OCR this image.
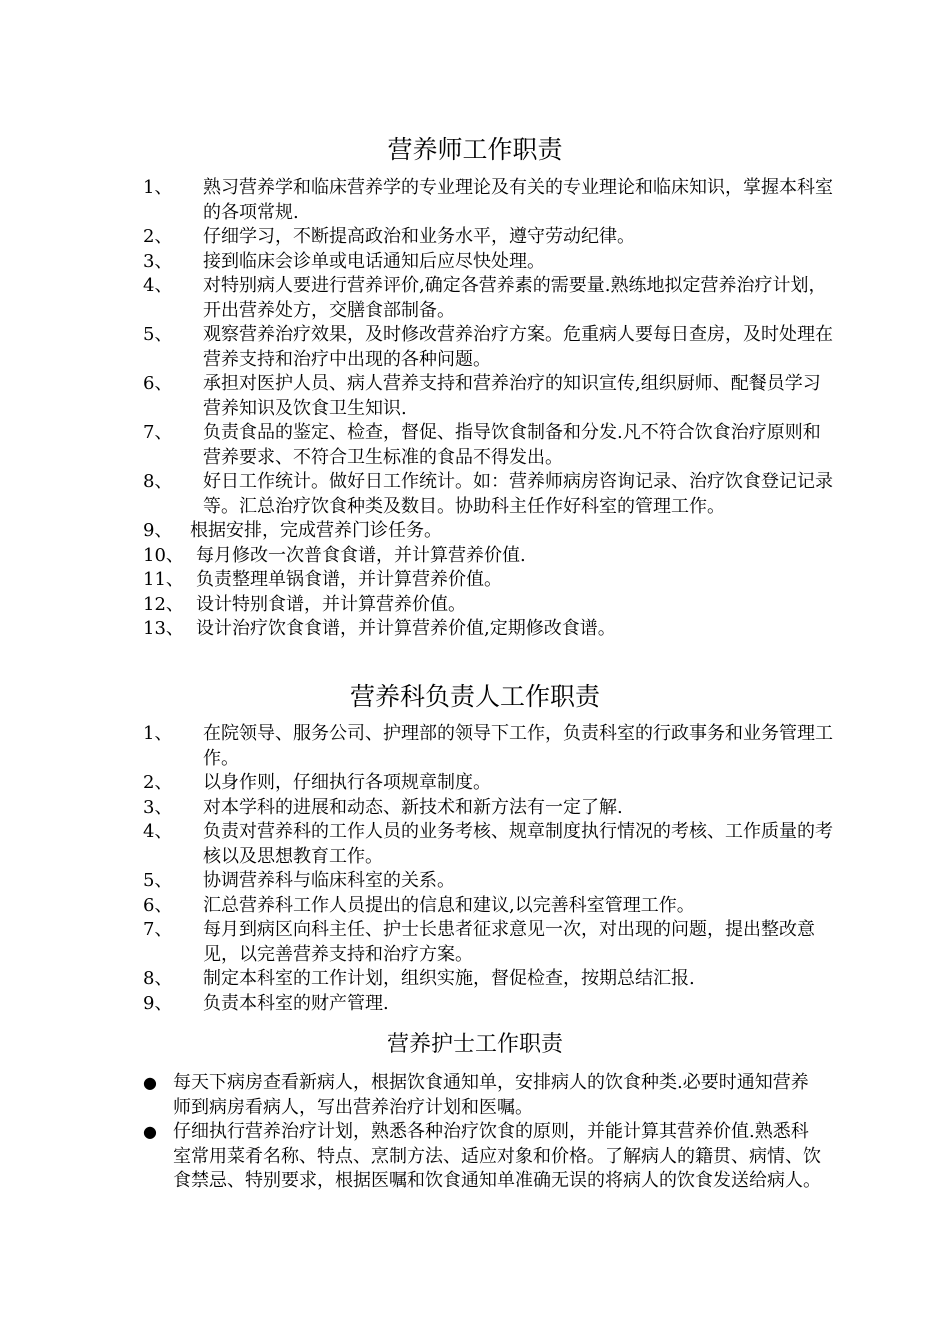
营养师工作职责
1、	熟习营养学和临床营养学的专业理论及有关的专业理论和临床知识，掌握本科室的各项常规.
2、	仔细学习，不断提高政治和业务水平，遵守劳动纪律。
3、	接到临床会诊单或电话通知后应尽快处理。
4、	对特别病人要进行营养评价,确定各营养素的需要量.熟练地拟定营养治疗计划，开出营养处方，交膳食部制备。
5、	观察营养治疗效果，及时修改营养治疗方案。危重病人要每日查房，及时处理在营养支持和治疗中出现的各种问题。
6、	承担对医护人员、病人营养支持和营养治疗的知识宣传,组织厨师、配餐员学习营养知识及饮食卫生知识.
7、	负责食品的鉴定、检查，督促、指导饮食制备和分发.凡不符合饮食治疗原则和营养要求、不符合卫生标准的食品不得发出。
8、	好日工作统计。做好日工作统计。如：营养师病房咨询记录、治疗饮食登记记录等。汇总治疗饮食种类及数目。协助科主任作好科室的管理工作。
9、 根据安排，完成营养门诊任务。
10、 每月修改一次普食食谱，并计算营养价值.
11、 负责整理单锅食谱，并计算营养价值。
12、 设计特别食谱，并计算营养价值。
13、 设计治疗饮食食谱，并计算营养价值,定期修改食谱。
营养科负责人工作职责
1、	在院领导、服务公司、护理部的领导下工作，负责科室的行政事务和业务管理工作。
2、	以身作则，仔细执行各项规章制度。
3、	对本学科的进展和动态、新技术和新方法有一定了解.
4、	负责对营养科的工作人员的业务考核、规章制度执行情况的考核、工作质量的考核以及思想教育工作。
5、	协调营养科与临床科室的关系。
6、	汇总营养科工作人员提出的信息和建议,以完善科室管理工作。
7、	每月到病区向科主任、护士长患者征求意见一次，对出现的问题，提出整改意见，以完善营养支持和治疗方案。
8、	制定本科室的工作计划，组织实施，督促检查，按期总结汇报.
9、	负责本科室的财产管理.
营养护士工作职责
● 每天下病房查看新病人，根据饮食通知单，安排病人的饮食种类.必要时通知营养师到病房看病人，写出营养治疗计划和医嘱。
● 仔细执行营养治疗计划，熟悉各种治疗饮食的原则，并能计算其营养价值.熟悉科室常用菜肴名称、特点、烹制方法、适应对象和价格。了解病人的籍贯、病情、饮食禁忌、特别要求，根据医嘱和饮食通知单准确无误的将病人的饮食发送给病人。
